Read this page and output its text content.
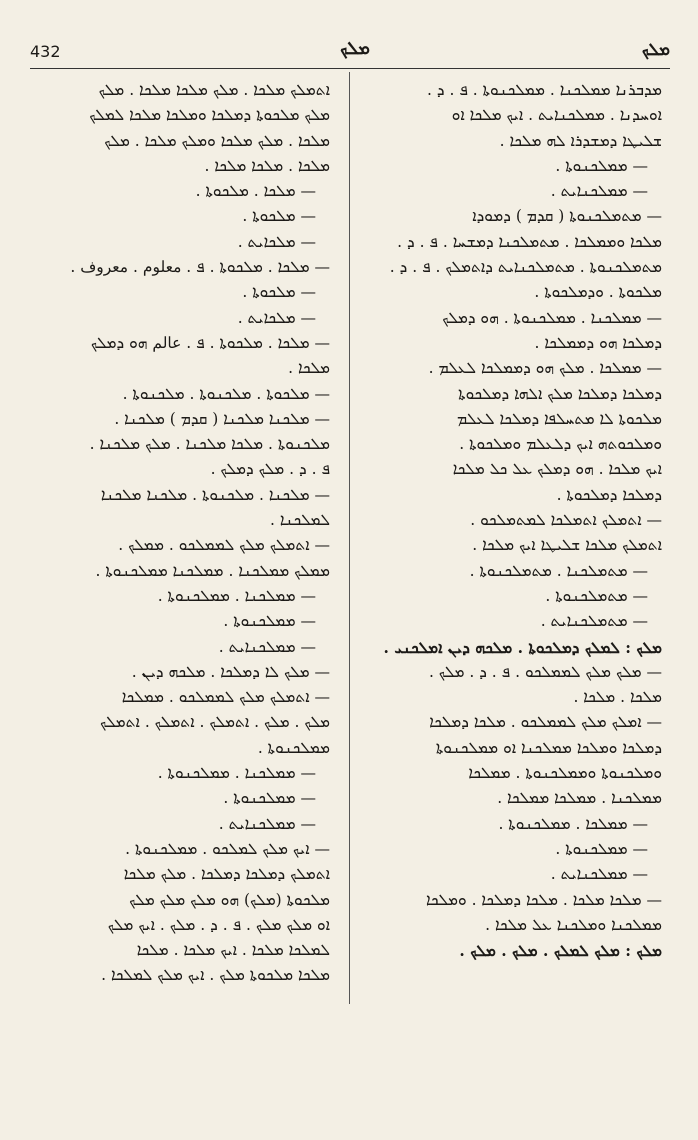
432	ܡܠܟ	ܡܠܟ
ܡܕܒܪܢܐ ܡܡܠܟܢܐ . ܡܡܠܟܢܘܬܐ . ܦ . ܕ .
ܐܘܚܕܢܐ . ܡܡܠܟܢܐܝܬ . ܐܝܟ ܡܠܟܐ ܐܘ
ܫܠܝܛܐ ܕܡܫܕܪܐ ܠܗ ܡܠܟܐ .
— ܡܡܠܟܢܘܬܐ .
— ܡܡܠܟܢܐܝܬ .
— ܡܬܡܠܟܢܘܬܐ ( ܩܕܡ ) ܕܡܘܕܐ
ܡܠܟܐ ܘܡܡܠܟܐ . ܡܬܡܠܟܢܐ ܕܡܫܚܐ . ܦ . ܕ .
ܡܬܡܠܟܢܘܬܐ . ܡܬܡܠܟܢܐܝܬ ܕܐܬܡܠܟ . ܦ . ܕ .
ܡܠܟܘܬܐ . ܘܕܡܠܟܘܬܐ .
— ܡܡܠܟܢܐ . ܡܡܠܟܢܘܬܐ . ܗܘ ܕܡܠܟ
ܕܡܠܟܐ ܗܘ ܕܡܡܠܟܐ .
— ܡܡܠܟܐ . ܡܠܟ ܗܘ ܕܡܡܠܟܐ ܠܥܠܡ .
ܕܡܠܟܐ ܕܡܠܟܐ ܡܠܟ ܐܠܗܐ ܕܡܠܟܘܬܐ
ܡܠܟܘܬܐ ܠܐ ܡܬܚܠܦܐ ܕܡܠܟܐ ܠܥܠܡ
ܘܡܠܟܘܬܗ ܐܝܟ ܕܠܥܠܡ ܘܡܠܟܘܬܐ .
ܐܝܟ ܡܠܟܐ . ܗܘ ܕܡܠܟ ܥܠ ܟܠ ܡܠܟܐ
ܕܡܠܟܐ ܕܡܠܟܘܬܐ .
— ܐܬܡܠܟ ܐܬܡܠܟܐ ܠܡܬܡܠܟܘ .
ܐܬܡܠܟ ܡܠܟܐ ܫܠܝܛܐ ܐܝܟ ܡܠܟܐ .
— ܡܬܡܠܟܢܐ . ܡܬܡܠܟܢܘܬܐ .
— ܡܬܡܠܟܢܘܬܐ .
— ܡܬܡܠܟܢܐܝܬ .
ܡܠܟ : ܠܡܠܟ ܕܡܠܟܘܬܐ . ܡܠܟܗ ܕܝܢ ܐܡܠܟܢܝ .
— ܡܠܟ ܡܠܟ ܠܡܡܠܟܘ . ܦ . ܕ . ܡܠܟ .
ܡܠܟܐ . ܡܠܟܐ .
— ܐܡܠܟ ܡܠܟ ܠܡܡܠܟܘ . ܡܠܟܐ ܕܡܠܟܐ
ܕܡܠܟܐ ܘܡܠܟܐ ܡܡܠܟܢܐ ܐܘ ܡܡܠܟܢܘܬܐ
ܘܡܠܟܢܘܬܐ ܘܡܡܠܟܢܘܬܐ . ܡܡܠܟܐ
ܡܡܠܟܢܐ . ܡܡܠܟܐ ܡܡܠܟܐ .
— ܡܡܠܟܐ . ܡܡܠܟܢܘܬܐ .
— ܡܡܠܟܢܘܬܐ .
— ܡܡܠܟܢܐܝܬ .
— ܡܠܟܐ ܡܠܟܐ . ܡܠܟܐ ܕܡܠܟܐ . ܘܡܠܟܐ
ܡܡܠܟܢܐ ܘܡܠܟܢܐ ܥܠ ܡܠܟܐ .
ܡܠܟ : ܡܠܟ ܠܡܠܟ . ܡܠܟ . ܡܠܟ .
ܐܬܡܠܟ ܡܠܟܐ . ܡܠܟ ܡܠܟܐ ܡܠܟܐ . ܡܠܟ
ܡܠܟ ܡܠܟܘܬܐ ܕܡܠܟܐ ܘܡܠܟܐ ܡܠܟܐ ܠܡܠܟ
ܡܠܟܐ . ܡܠܟ ܡܠܟܐ ܘܡܠܟ ܡܠܟܐ . ܡܠܟ
ܡܠܟܐ . ܡܠܟܐ ܡܠܟܐ .
— ܡܠܟܐ . ܡܠܟܘܬܐ .
— ܡܠܟܘܬܐ .
— ܡܠܟܐܝܬ .
— ܡܠܟܐ . ܡܠܟܘܬܐ . ܦ . معلوم . معروف .
— ܡܠܟܘܬܐ .
— ܡܠܟܐܝܬ .
— ܡܠܟܐ . ܡܠܟܘܬܐ . ܦ . عالم ܗܘ ܕܡܠܟ
ܡܠܟܐ .
— ܡܠܟܘܬܐ . ܡܠܟܢܘܬܐ . ܡܠܟܢܘܬܐ .
— ܡܠܟܢܐ ܡܠܟܢܐ ( ܩܕܡ ) ܡܠܟܢܐ .
ܡܠܟܢܘܬܐ . ܡܠܟܐ ܡܠܟܢܐ . ܡܠܟ ܡܠܟܢܐ .
ܦ . ܕ . ܡܠܟ ܕܡܠܟ .
— ܡܠܟܢܐ . ܡܠܟܢܘܬܐ . ܡܠܟܢܐ ܡܠܟܢܐ
ܠܡܠܟܢܐ .
— ܐܬܡܠܟ ܡܠܟ ܠܡܡܠܟܘ . ܡܡܠܟ .
ܡܡܠܟ ܡܡܠܟܢܐ . ܡܡܠܟܢܐ ܡܡܠܟܢܘܬܐ .
— ܡܡܠܟܢܐ . ܡܡܠܟܢܘܬܐ .
— ܡܡܠܟܢܘܬܐ .
— ܡܡܠܟܢܐܝܬ .
— ܡܠܟ ܠܐ ܕܡܠܟܐ . ܡܠܟܗ ܕܝܢ .
— ܐܬܡܠܟ ܡܠܟ ܠܡܡܠܟܘ . ܡܡܠܟܐ
ܡܠܟ . ܡܠܟ . ܐܬܡܠܟ . ܐܬܡܠܟ . ܐܬܡܠܟ
ܡܡܠܟܢܘܬܐ .
— ܡܡܠܟܢܐ . ܡܡܠܟܢܘܬܐ .
— ܡܡܠܟܢܘܬܐ .
— ܡܡܠܟܢܐܝܬ .
— ܐܝܟ ܡܠܟ ܠܡܠܟܘ . ܡܡܠܟܢܘܬܐ .
ܐܬܡܠܟ ܕܡܠܟܐ ܕܡܠܟܐ . ܡܠܟ ܡܠܟܐ
ܡܠܟܘܬܐ (ܡܠܟ) ܗܘ ܡܠܟ ܡܠܟ ܡܠܟ
ܐܘ ܡܠܟ ܡܠܟ . ܦ . ܕ . ܡܠܟ . ܐܝܟ ܡܠܟ
ܠܡܠܟܐ ܡܠܟܐ . ܐܝܟ ܡܠܟܐ . ܡܠܟܐ
ܡܠܟܐ ܡܠܟܘܬܐ ܡܠܟ . ܐܝܟ ܡܠܟ ܠܡܠܟܐ .
